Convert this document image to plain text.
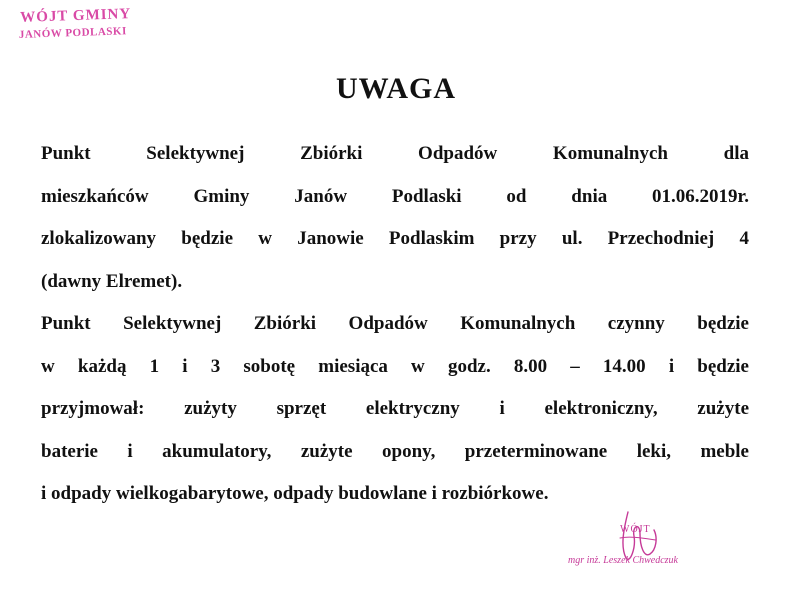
WÓJT GMINY
JANÓW PODLASKI
UWAGA
Punkt Selektywnej Zbiórki Odpadów Komunalnych dla
mieszkańców Gminy Janów Podlaski od dnia 01.06.2019r.
zlokalizowany będzie w Janowie Podlaskim przy ul. Przechodniej 4
(dawny Elremet).
Punkt Selektywnej Zbiórki Odpadów Komunalnych czynny będzie
w każdą 1 i 3 sobotę miesiąca w godz. 8.00 – 14.00 i będzie
przyjmował: zużyty sprzęt elektryczny i elektroniczny, zużyte
baterie i akumulatory, zużyte opony, przeterminowane leki, meble
i odpady wielkogabarytowe, odpady budowlane i rozbiórkowe.
WÓJT
mgr inż. Leszek Chwedczuk
